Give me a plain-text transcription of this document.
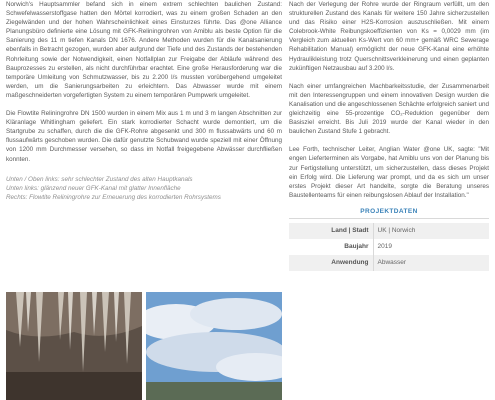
Norwich's Hauptsammler befand sich in einem extrem schlechten baulichen Zustand: Schwefelwasserstoffgase hatten den Mörtel korrodiert, was zu einem großen Schaden an den Ziegelwänden und der hohen Wahrscheinlichkeit eines Einsturzes führte. Das @one Alliance Planungsbüro definierte eine Lösung mit GFK-Reliningrohren von Amiblu als beste Option für die Sanierung des 11 m tiefen Kanals DN 1676. Andere Methoden wurden für die Kanalsanierung ebenfalls in Betracht gezogen, wurden aber aufgrund der Tiefe und des Zustands der bestehenden Rohrleitung sowie der Notwendigkeit, einen Notfallplan zur Freigabe der Abläufe während des Bauprozesses zu erstellen, als nicht durchführbar erachtet. Eine große Herausforderung war die temporäre Umleitung von Schmutzwasser, bis zu 2.200 l/s mussten vorübergehend umgeleitet werden, um die Sanierungsarbeiten zu erleichtern. Das Abwasser wurde mit einem maßgeschneiderten vorgefertigten System zu einem temporären Pumpwerk umgeleitet.

Die Flowtite Reliningrohre DN 1500 wurden in einem Mix aus 1 m und 3 m langen Abschnitten zur Kläranlage Whitlingham geliefert. Ein stark korrodierter Schacht wurde demontiert, um die Startgrube zu schaffen, durch die die GFK-Rohre abgesenkt und 300 m flussabwärts und 60 m flussaufwärts geschoben wurden. Die dafür genutzte Schubwand wurde speziell mit einer Öffnung von 1200 mm Durchmesser versehen, so dass im Notfall freigegebene Abwässer durchfließen konnten.

Unten / Oben links: sehr schlechter Zustand des alten Hauptkanals
Unten links: glänzend neuer GFK-Kanal mit glatter Innenfläche
Rechts: Flowtite Reliningrohre zur Erneuerung des korrodierten Rohrsystems

Nach der Verlegung der Rohre wurde der Ringraum verfüllt, um den strukturellen Zustand des Kanals für weitere 150 Jahre sicherzustellen und das Risiko einer H2S-Korrosion auszuschließen. Mit einem Colebrook-White Reibungskoeffizienten von Ks = 0,0029 mm (im Vergleich zum aktuellen Ks-Wert von 60 mm+ gemäß WRC Sewerage Rehabilitation Manual) ermöglicht der neue GFK-Kanal eine erhöhte Hydraulikleistung trotz Querschnittsverkleinerung und einen geplanten zukünftigen Netzausbau auf 3.200 l/s.

Nach einer umfangreichen Machbarkeitsstudie, der Zusammenarbeit mit den Interessengruppen und einem innovativen Design wurden die Kanalisation und die angeschlossenen Schächte erfolgreich saniert und gleichzeitig eine 55-prozentige CO₂-Reduktion gegenüber dem Basisziel erreicht. Bis Juli 2019 wurde der Kanal wieder in den baulichen Zustand Stufe 1 gebracht.

Lee Forth, technischer Leiter, Anglian Water @one UK, sagte: "Mit engen Lieferterminen als Vorgabe, hat Amiblu uns von der Planung bis zur Fertigstellung unterstützt, um sicherzustellen, dass dieses Projekt ein Erfolg wird. Die Lieferung war prompt, und da es sich um unser erstes Projekt dieser Art handelte, sorgte die Beratung unseres Baustellenteams für einen reibungslosen Ablauf der Installation."

PROJEKTDATEN
Land | Stadt	UK | Norwich
Baujahr	2019
Anwendung	Abwasser
